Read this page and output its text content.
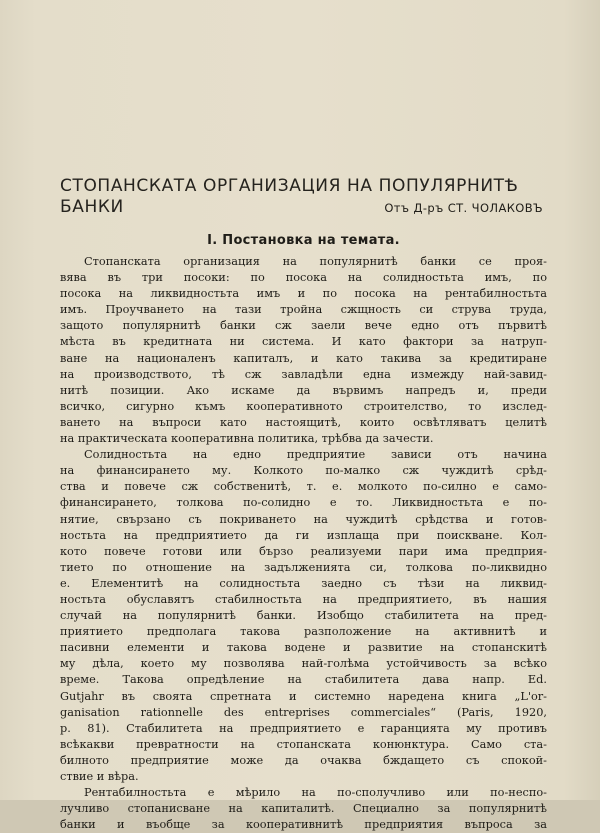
СТОПАНСКАТА ОРГАНИЗАЦИЯ НА ПОПУЛЯРНИТѢ
БАНКИ	Отъ Д-ръ СТ. ЧОЛАКОВЪ
I. Постановка на темата.
Стопанската организация на популярнитѣ банки се проя-
вява въ три посоки: по посока на солидностьта имъ, по
посока на ликвидностьта имъ и по посока на рентабилностьта
имъ. Проучването на тази тройна сжщность си струва труда,
защото популярнитѣ банки сж заели вече едно отъ първитѣ
мѣста въ кредитната ни система. И като фактори за натруп-
ване на националенъ капиталъ, и като такива за кредитиране
на производството, тѣ сж завладѣли една измежду най-завид-
нитѣ позиции. Ако искаме да вървимъ напредъ и, преди
всичко, сигурно къмъ кооперативното строителство, то изслед-
ването на въпроси като настоящитѣ, които освѣтляватъ целитѣ
на практическата кооперативна политика, трѣбва да зачести.
Солидностьта на едно предприятие зависи отъ начина
на финансирането му. Колкото по-малко сж чуждитѣ срѣд-
ства и повече сж собственитѣ, т. е. молкото по-силно е само-
финансирането, толкова по-солидно е то. Ликвидностьта е по-
нятие, свързано съ покриването на чуждитѣ срѣдства и готов-
ностьта на предприятието да ги изплаща при поискване. Кол-
кото повече готови или бързо реализуеми пари има предприя-
тието по отношение на задълженията си, толкова по-ликвидно
е. Елементитѣ на солидностьта заедно съ тѣзи на ликвид-
ностьта обуславятъ стабилностьта на предприятието, въ нашия
случай на популярнитѣ банки. Изобщо стабилитета на пред-
приятието предполага такова разположение на активнитѣ и
пасивни елементи и такова водене и развитие на стопанскитѣ
му дѣла, което му позволява най-голѣма устойчивость за всѣко
време. Такова опредѣление на стабилитета дава напр. Ed.
Gutjahr въ своята спретната и системно наредена книга „L'or-
ganisation rationnelle des entreprises commerciales“ (Paris, 1920,
p. 81). Стабилитета на предприятието е гаранцията му противъ
всѣкакви превратности на стопанската конюнктура. Само ста-
билното предприятие може да очаква бждащето съ спокой-
ствие и вѣра.
Рентабилностьта е мѣрило на по-сполучливо или по-неспо-
лучливо стопанисване на капиталитѣ. Специално за популярнитѣ
банки и въобще за кооперативнитѣ предприятия въпроса за
